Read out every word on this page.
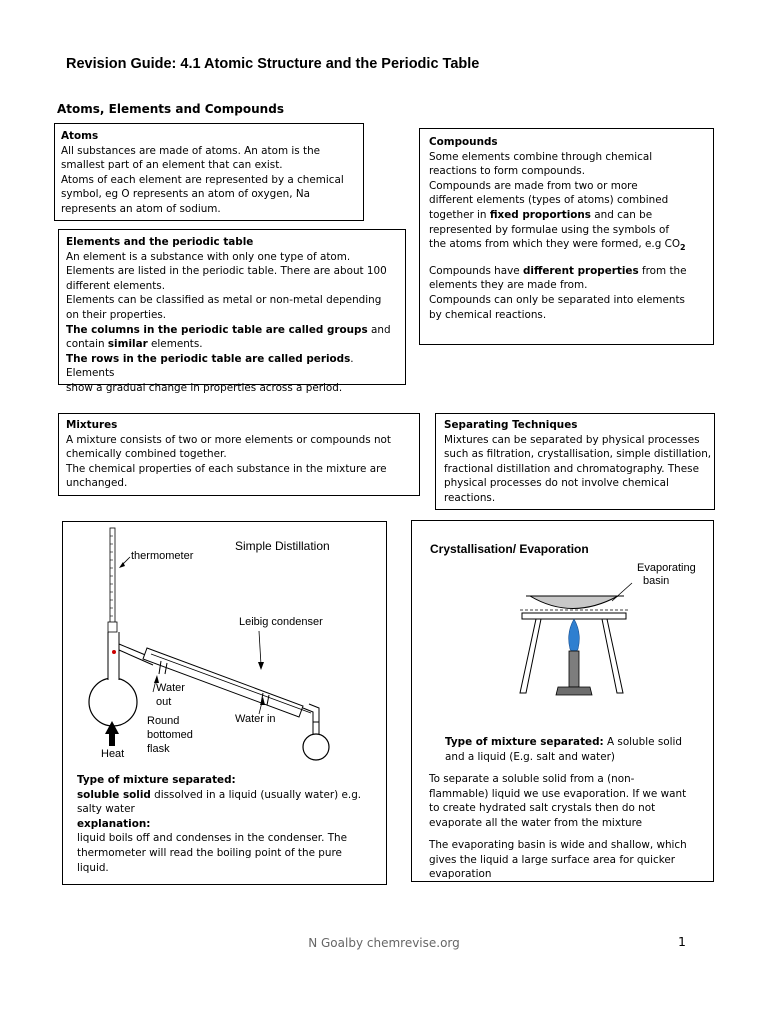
Revision Guide: 4.1 Atomic Structure and the Periodic Table
Atoms, Elements and Compounds
Atoms
All substances are made of atoms. An atom is the
smallest part of an element that can exist.
Atoms of each element are represented by a chemical
symbol, eg O represents an atom of oxygen, Na
represents an atom of sodium.
Elements and the periodic table
An element is a substance with only one type of atom.
Elements are listed in the periodic table. There are about 100
different elements.
Elements can be classified as metal or non-metal depending
on their properties.
The columns in the periodic table are called groups and
contain similar elements.
The rows in the periodic table are called periods. Elements
show a gradual change in properties across a period.
Compounds
Some elements combine through chemical
reactions to form compounds.
Compounds are made from two or more
different elements (types of atoms) combined
together in fixed proportions and can be
represented by formulae using the symbols of
the atoms from which they were formed, e.g $CO_2$
Compounds have different properties from the
elements they are made from.
Compounds can only be separated into elements
by chemical reactions.
Mixtures
A mixture consists of two or more elements or compounds not
chemically combined together.
The chemical properties of each substance in the mixture are
unchanged.
Separating Techniques
Mixtures can be separated by physical processes
such as filtration, crystallisation, simple distillation,
fractional distillation and chromatography. These
physical processes do not involve chemical
reactions.
Simple Distillation
thermometer
Leibig condenser
Water
out
Water in
Round
bottomed
flask
Heat
Type of mixture separated:
soluble solid dissolved in a liquid (usually water) e.g.
salty water
explanation:
liquid boils off and condenses in the condenser. The
thermometer will read the boiling point of the pure
liquid.
Crystallisation/ Evaporation
Evaporating
basin
Type of mixture separated: A soluble solid
and a liquid (E.g. salt and water)
To separate a soluble solid from a (non-
flammable) liquid we use evaporation. If we want
to create hydrated salt crystals then do not
evaporate all the water from the mixture
The evaporating basin is wide and shallow, which
gives the liquid a large surface area for quicker
evaporation
N Goalby chemrevise.org	1
